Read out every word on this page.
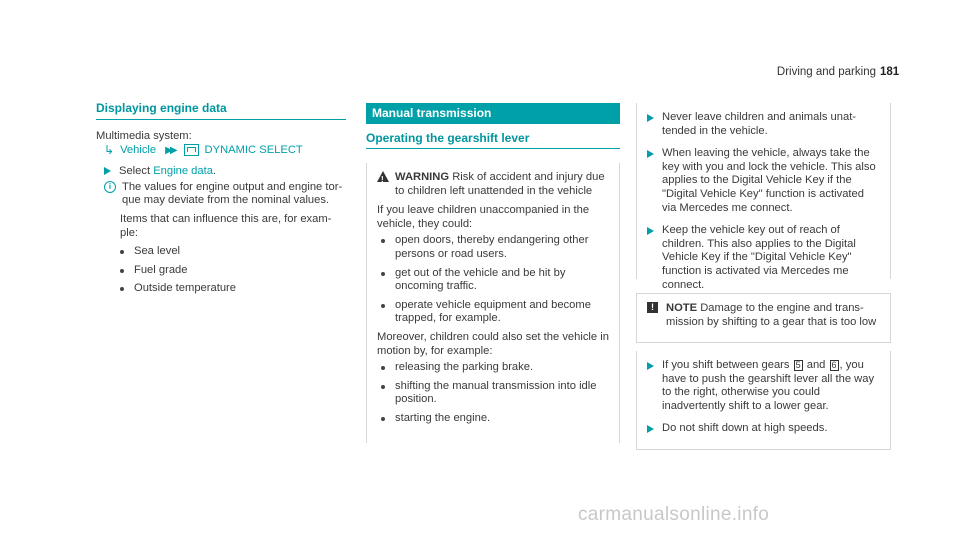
Driving and parking 181
Displaying engine data

Multimedia system:

↳ Vehicle ▶▶	DYNAMIC SELECT

Select Engine data.

i The values for engine output and engine tor- que may deviate from the nominal values.

Items that can influence this are, for exam- ple:

Sea level
Fuel grade
Outside temperature
Manual transmission
Operating the gearshift lever
! WARNING Risk of accident and injury due to children left unattended in the vehicle

If you leave children unaccompanied in the vehicle, they could:

open doors, thereby endangering other persons or road users.
get out of the vehicle and be hit by oncoming traffic.
operate vehicle equipment and become trapped, for example.

Moreover, children could also set the vehicle in motion by, for example:

releasing the parking brake.
shifting the manual transmission into idle position.
starting the engine.
Never leave children and animals unat- tended in the vehicle.
When leaving the vehicle, always take the key with you and lock the vehicle. This also applies to the Digital Vehicle Key if the "Digital Vehicle Key" function is activated via Mercedes me connect.
Keep the vehicle key out of reach of children. This also applies to the Digital Vehicle Key if the "Digital Vehicle Key" function is activated via Mercedes me connect.
!	NOTE Damage to the engine and trans- mission by shifting to a gear that is too low
If you shift between gears 5 and 6 , you have to push the gearshift lever all the way to the right, otherwise you could inadvertently shift to a lower gear.
Do not shift down at high speeds.
carmanualsonline.info
